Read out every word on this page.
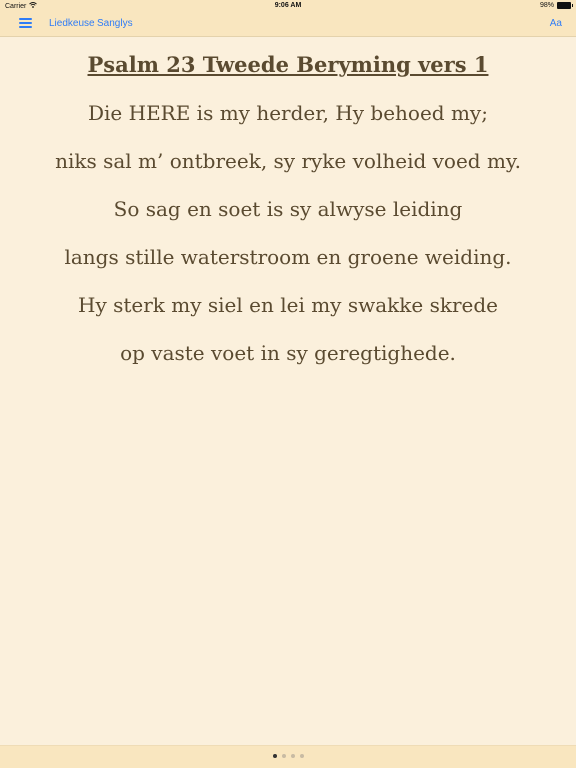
Carrier	9:06 AM	98%
Liedkeuse Sanglys	Aa
Psalm 23 Tweede Beryming vers 1
Die HERE is my herder, Hy behoed my;
niks sal m’ ontbreek, sy ryke volheid voed my.
So sag en soet is sy alwyse leiding
langs stille waterstroom en groene weiding.
Hy sterk my siel en lei my swakke skrede
op vaste voet in sy geregtighede.
